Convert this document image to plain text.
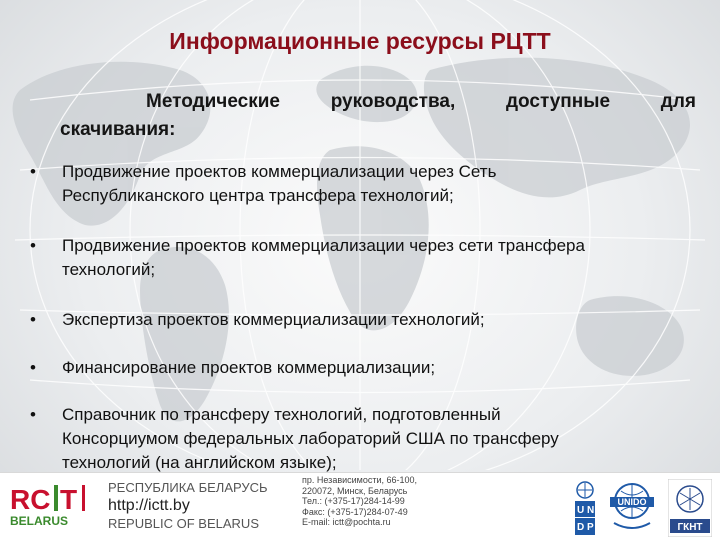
Информационные ресурсы РЦТТ
Методические	руководства,	доступные	для
скачивания:
•	Продвижение проектов коммерциализации через Сеть
Республиканского центра трансфера технологий;
•	Продвижение проектов коммерциализации через сети трансфера
технологий;
•	Экспертиза проектов коммерциализации технологий;
•	Финансирование проектов коммерциализации;
•	Справочник по трансферу технологий, подготовленный
Консорциумом федеральных лабораторий США по трансферу
технологий (на английском языке);
RC T
BELARUS
РЕСПУБЛИКА БЕЛАРУСЬ
http://ictt.by
REPUBLIC OF BELARUS
пр. Независимости, 66-100,
220072, Минск, Беларусь
Тел.: (+375-17)284-14-99
Факс: (+375-17)284-07-49
E-mail: ictt@pochta.ru
U N
D P
UNIDO
ГКНТ
